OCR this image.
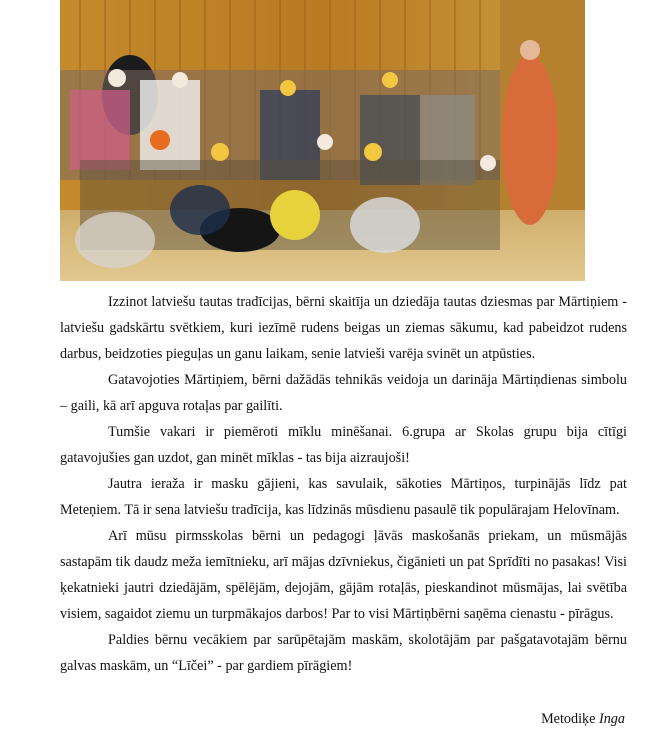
Izzinot latviešu tautas tradīcijas, bērni skaitīja un dziedāja tautas dziesmas par Mārtiņiem - latviešu gadskārtu svētkiem, kuri iezīmē rudens beigas un ziemas sākumu, kad pabeidzot rudens darbus, beidzoties pieguļas un ganu laikam, senie latvieši varēja svinēt un atpūsties.

Gatavojoties Mārtiņiem, bērni dažādās tehnikās veidoja un darināja Mārtiņdienas simbolu – gaili, kā arī apguva rotaļas par gailīti.

Tumšie vakari ir piemēroti mīklu minēšanai. 6.grupa ar Skolas grupu bija cītīgi gatavojušies gan uzdot, gan minēt mīklas - tas bija aizraujoši!

Jautra ieraža ir masku gājieni, kas savulaik, sākoties Mārtiņos, turpinājās līdz pat Meteņiem. Tā ir sena latviešu tradīcija, kas līdzinās mūsdienu pasaulē tik populārajam Helovīnam.

Arī mūsu pirmsskolas bērni un pedagogi ļāvās maskošanās priekam, un mūsmājās sastapām tik daudz meža iemītnieku, arī mājas dzīvniekus, čigānieti un pat Sprīdīti no pasakas! Visi ķekatnieki jautri dziedājām, spēlējām, dejojām, gājām rotaļās, pieskandinot mūsmājas, lai svētība visiem, sagaidot ziemu un turpmākajos darbos! Par to visi Mārtiņbērni saņēma cienastu - pīrāgus.

Paldies bērnu vecākiem par sarūpētajām maskām, skolotājām par pašgatavotajām bērnu galvas maskām, un “Līčei” - par gardiem pīrāgiem!

Metodiķe Inga
